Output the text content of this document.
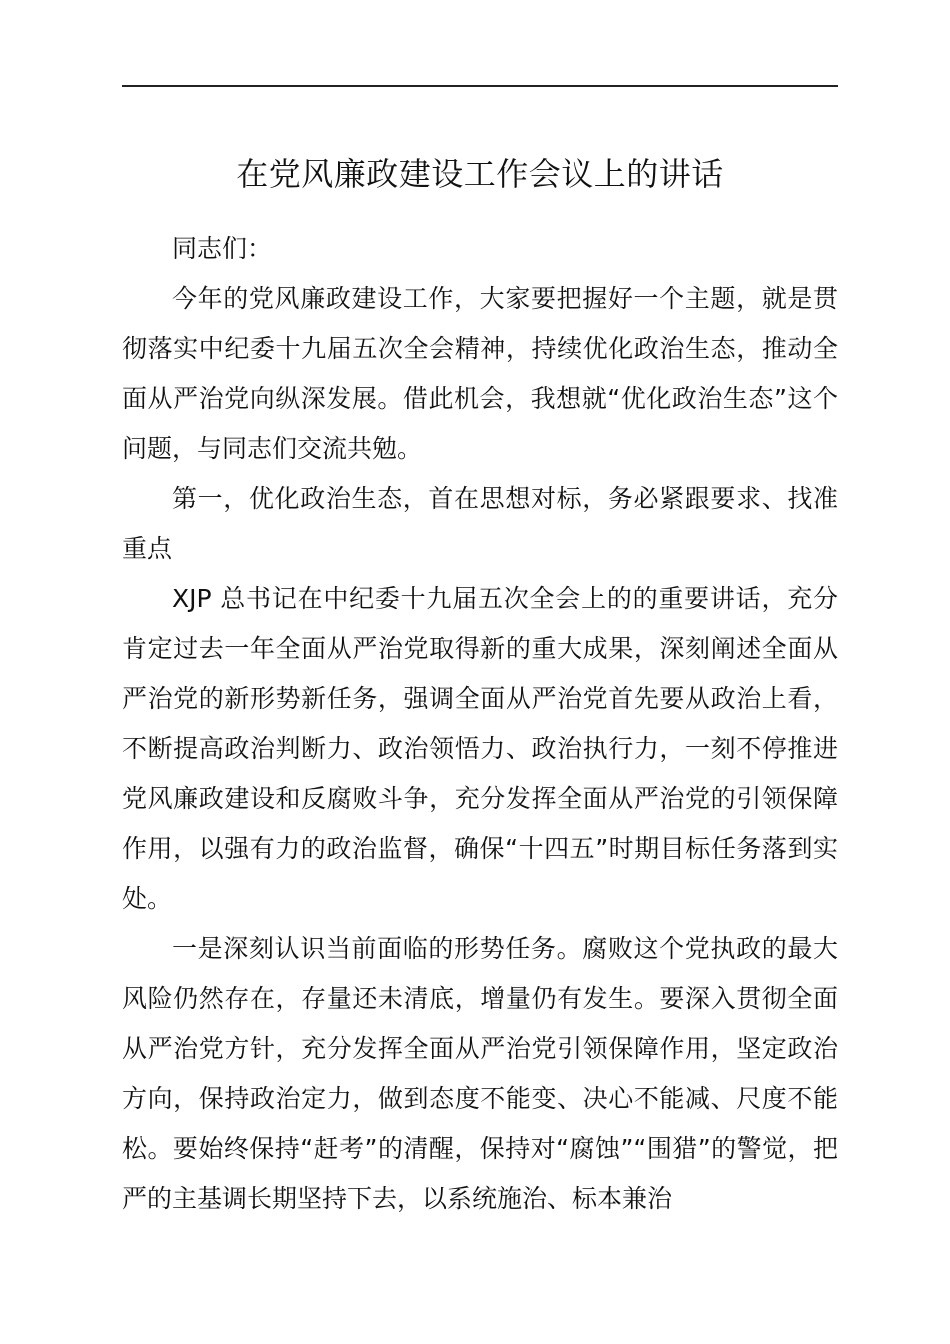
在党风廉政建设工作会议上的讲话

同志们：

今年的党风廉政建设工作，大家要把握好一个主题，就是贯彻落实中纪委十九届五次全会精神，持续优化政治生态，推动全面从严治党向纵深发展。借此机会，我想就“优化政治生态”这个问题，与同志们交流共勉。

第一，优化政治生态，首在思想对标，务必紧跟要求、找准重点

XJP 总书记在中纪委十九届五次全会上的的重要讲话，充分肯定过去一年全面从严治党取得新的重大成果，深刻阐述全面从严治党的新形势新任务，强调全面从严治党首先要从政治上看，不断提高政治判断力、政治领悟力、政治执行力，一刻不停推进党风廉政建设和反腐败斗争，充分发挥全面从严治党的引领保障作用，以强有力的政治监督，确保“十四五”时期目标任务落到实处。

一是深刻认识当前面临的形势任务。腐败这个党执政的最大风险仍然存在，存量还未清底，增量仍有发生。要深入贯彻全面从严治党方针，充分发挥全面从严治党引领保障作用，坚定政治方向，保持政治定力，做到态度不能变、决心不能减、尺度不能松。要始终保持“赶考”的清醒，保持对“腐蚀”“围猎”的警觉，把严的主基调长期坚持下去，以系统施治、标本兼治
